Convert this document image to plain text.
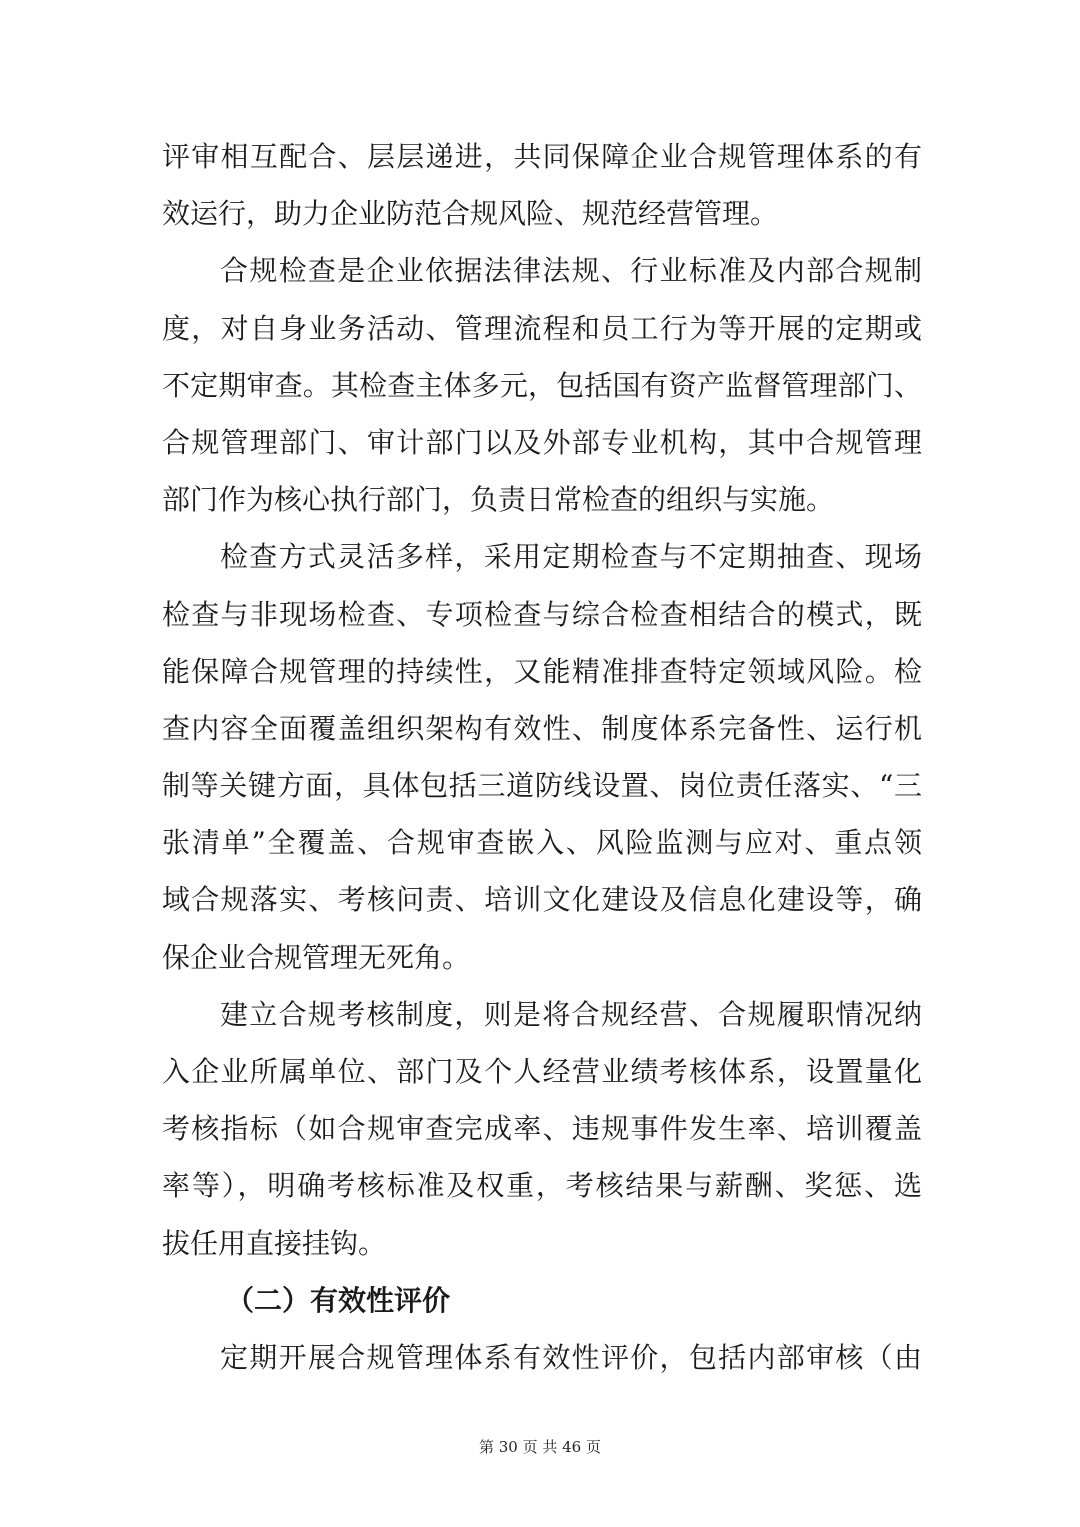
评审相互配合、层层递进，共同保障企业合规管理体系的有
效运行，助力企业防范合规风险、规范经营管理。
合规检查是企业依据法律法规、行业标准及内部合规制
度，对自身业务活动、管理流程和员工行为等开展的定期或
不定期审查。其检查主体多元，包括国有资产监督管理部门、
合规管理部门、审计部门以及外部专业机构，其中合规管理
部门作为核心执行部门，负责日常检查的组织与实施。
检查方式灵活多样，采用定期检查与不定期抽查、现场
检查与非现场检查、专项检查与综合检查相结合的模式，既
能保障合规管理的持续性，又能精准排查特定领域风险。检
查内容全面覆盖组织架构有效性、制度体系完备性、运行机
制等关键方面，具体包括三道防线设置、岗位责任落实、“三
张清单”全覆盖、合规审查嵌入、风险监测与应对、重点领
域合规落实、考核问责、培训文化建设及信息化建设等，确
保企业合规管理无死角。
建立合规考核制度，则是将合规经营、合规履职情况纳
入企业所属单位、部门及个人经营业绩考核体系，设置量化
考核指标（如合规审查完成率、违规事件发生率、培训覆盖
率等），明确考核标准及权重，考核结果与薪酬、奖惩、选
拔任用直接挂钩。
（二）有效性评价
定期开展合规管理体系有效性评价，包括内部审核（由
第 30 页 共 46 页
